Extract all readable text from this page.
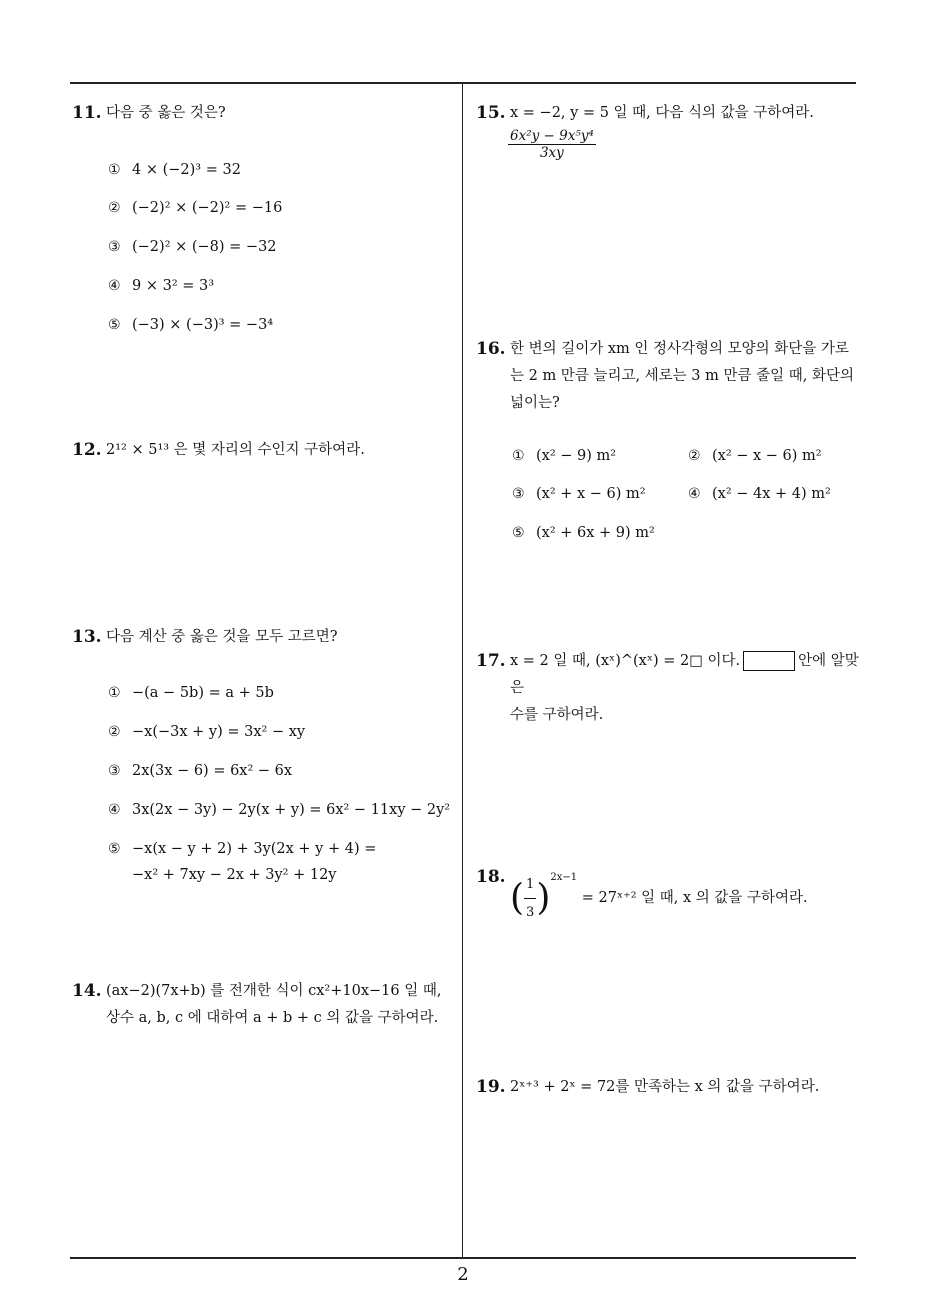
11. 다음 중 옳은 것은?
① 4 × (−2)³ = 32
② (−2)² × (−2)² = −16
③ (−2)² × (−8) = −32
④ 9 × 3² = 3³
⑤ (−3) × (−3)³ = −3⁴
12. 2¹² × 5¹³ 은 몇 자리의 수인지 구하여라.
13. 다음 계산 중 옳은 것을 모두 고르면?
① −(a − 5b) = a + 5b
② −x(−3x + y) = 3x² − xy
③ 2x(3x − 6) = 6x² − 6x
④ 3x(2x − 3y) − 2y(x + y) = 6x² − 11xy − 2y²
⑤ −x(x − y + 2) + 3y(2x + y + 4) =
−x² + 7xy − 2x + 3y² + 12y
14. (ax−2)(7x+b) 를 전개한 식이 cx²+10x−16 일 때,
상수 a, b, c 에 대하여 a + b + c 의 값을 구하여라.
15. x = −2, y = 5 일 때, 다음 식의 값을 구하여라.
$\frac{\text{6x²y − 9x⁵y⁴}}{3xy}$
16. 한 변의 길이가 xm 인 정사각형의 모양의 화단을 가로
는 2 m 만큼 늘리고, 세로는 3 m 만큼 줄일 때, 화단의
넓이는?
① (x² − 9) m²	② (x² − x − 6) m²
③ (x² + x − 6) m²	④ (x² − 4x + 4) m²
⑤ (x² + 6x + 9) m²
17. x = 2 일 때, (xˣ)^(xˣ) = 2□ 이다.	안에 알맞은
수를 구하여라.
18.
( $\frac{1}{3} )^{2x-1}$ = 27ˣ⁺² 일 때, x 의 값을 구하여라.
19. 2ˣ⁺³ + 2ˣ = 72를 만족하는 x 의 값을 구하여라.
2
